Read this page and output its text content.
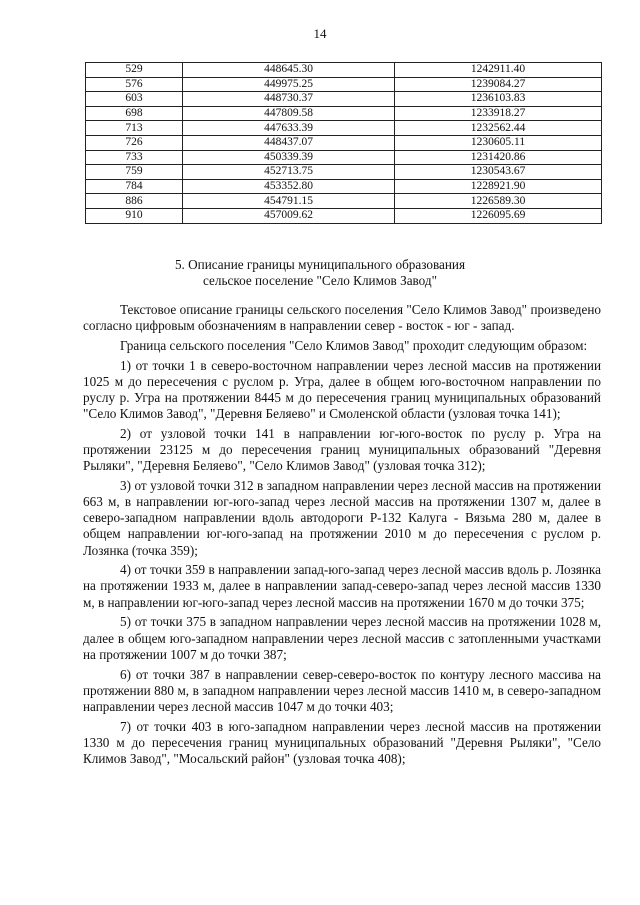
14
529	448645.30	1242911.40
576	449975.25	1239084.27
603	448730.37	1236103.83
698	447809.58	1233918.27
713	447633.39	1232562.44
726	448437.07	1230605.11
733	450339.39	1231420.86
759	452713.75	1230543.67
784	453352.80	1228921.90
886	454791.15	1226589.30
910	457009.62	1226095.69
5. Описание границы муниципального образования
сельское поселение "Село Климов Завод"

Текстовое описание границы сельского поселения "Село Климов Завод" произведено согласно цифровым обозначениям в направлении север - восток - юг - запад.

Граница сельского поселения "Село Климов Завод" проходит следующим образом:

1) от точки 1 в северо-восточном направлении через лесной массив на протяжении 1025 м до пересечения с руслом р. Угра, далее в общем юго-восточном направлении по руслу р. Угра на протяжении 8445 м до пересечения границ муниципальных образований "Село Климов Завод", "Деревня Беляево" и Смоленской области (узловая точка 141);

2) от узловой точки 141 в направлении юг-юго-восток по руслу р. Угра на протяжении 23125 м до пересечения границ муниципальных образований "Деревня Рыляки", "Деревня Беляево", "Село Климов Завод" (узловая точка 312);

3) от узловой точки 312 в западном направлении через лесной массив на протяжении 663 м, в направлении юг-юго-запад через лесной массив на протяжении 1307 м, далее в северо-западном направлении вдоль автодороги Р-132 Калуга - Вязьма 280 м, далее в общем направлении юг-юго-запад на протяжении 2010 м до пересечения с руслом р. Лозянка (точка 359);

4) от точки 359 в направлении запад-юго-запад через лесной массив вдоль р. Лозянка на протяжении 1933 м, далее в направлении запад-северо-запад через лесной массив 1330 м, в направлении юг-юго-запад через лесной массив на протяжении 1670 м до точки 375;

5) от точки 375 в западном направлении через лесной массив на протяжении 1028 м, далее в общем юго-западном направлении через лесной массив с затопленными участками на протяжении 1007 м до точки 387;

6) от точки 387 в направлении север-северо-восток по контуру лесного массива на протяжении 880 м, в западном направлении через лесной массив 1410 м, в северо-западном направлении через лесной массив 1047 м до точки 403;

7) от точки 403 в юго-западном направлении через лесной массив на протяжении 1330 м до пересечения границ муниципальных образований "Деревня Рыляки", "Село Климов Завод", "Мосальский район" (узловая точка 408);
